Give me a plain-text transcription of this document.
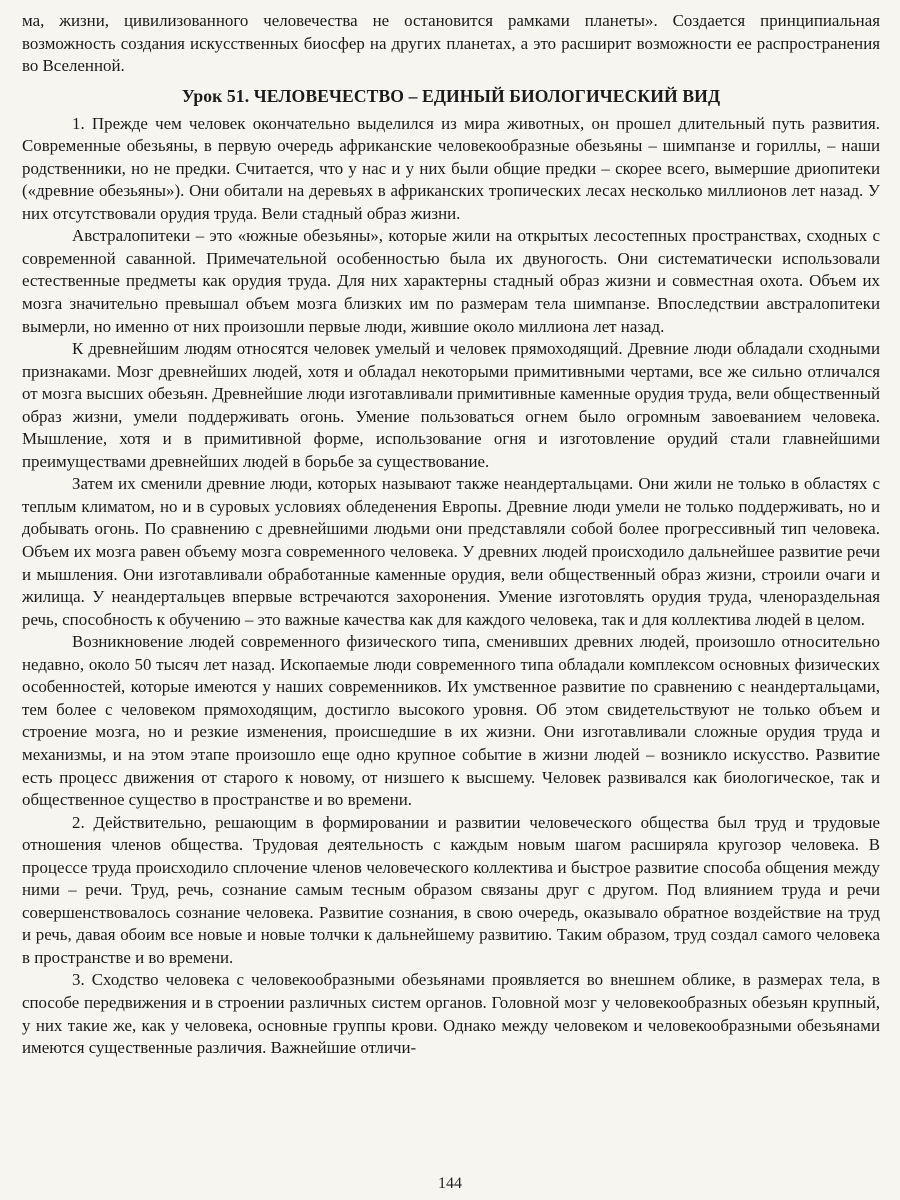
ма, жизни, цивилизованного человечества не остановится рамками планеты». Создается принципиальная возможность создания искусственных биосфер на других планетах, а это расширит возможности ее распространения во Вселенной.

Урок 51. ЧЕЛОВЕЧЕСТВО – ЕДИНЫЙ БИОЛОГИЧЕСКИЙ ВИД

1. Прежде чем человек окончательно выделился из мира животных, он прошел длительный путь развития. Современные обезьяны, в первую очередь африканские человекообразные обезьяны – шимпанзе и гориллы, – наши родственники, но не предки. Считается, что у нас и у них были общие предки – скорее всего, вымершие дриопитеки («древние обезьяны»). Они обитали на деревьях в африканских тропических лесах несколько миллионов лет назад. У них отсутствовали орудия труда. Вели стадный образ жизни.

Австралопитеки – это «южные обезьяны», которые жили на открытых лесостепных пространствах, сходных с современной саванной. Примечательной особенностью была их двуногость. Они систематически использовали естественные предметы как орудия труда. Для них характерны стадный образ жизни и совместная охота. Объем их мозга значительно превышал объем мозга близких им по размерам тела шимпанзе. Впоследствии австралопитеки вымерли, но именно от них произошли первые люди, жившие около миллиона лет назад.

К древнейшим людям относятся человек умелый и человек прямоходящий. Древние люди обладали сходными признаками. Мозг древнейших людей, хотя и обладал некоторыми примитивными чертами, все же сильно отличался от мозга высших обезьян. Древнейшие люди изготавливали примитивные каменные орудия труда, вели общественный образ жизни, умели поддерживать огонь. Умение пользоваться огнем было огромным завоеванием человека. Мышление, хотя и в примитивной форме, использование огня и изготовление орудий стали главнейшими преимуществами древнейших людей в борьбе за существование.

Затем их сменили древние люди, которых называют также неандертальцами. Они жили не только в областях с теплым климатом, но и в суровых условиях обледенения Европы. Древние люди умели не только поддерживать, но и добывать огонь. По сравнению с древнейшими людьми они представляли собой более прогрессивный тип человека. Объем их мозга равен объему мозга современного человека. У древних людей происходило дальнейшее развитие речи и мышления. Они изготавливали обработанные каменные орудия, вели общественный образ жизни, строили очаги и жилища. У неандертальцев впервые встречаются захоронения. Умение изготовлять орудия труда, членораздельная речь, способность к обучению – это важные качества как для каждого человека, так и для коллектива людей в целом.

Возникновение людей современного физического типа, сменивших древних людей, произошло относительно недавно, около 50 тысяч лет назад. Ископаемые люди современного типа обладали комплексом основных физических особенностей, которые имеются у наших современников. Их умственное развитие по сравнению с неандертальцами, тем более с человеком прямоходящим, достигло высокого уровня. Об этом свидетельствуют не только объем и строение мозга, но и резкие изменения, происшедшие в их жизни. Они изготавливали сложные орудия труда и механизмы, и на этом этапе произошло еще одно крупное событие в жизни людей – возникло искусство. Развитие есть процесс движения от старого к новому, от низшего к высшему. Человек развивался как биологическое, так и общественное существо в пространстве и во времени.

2. Действительно, решающим в формировании и развитии человеческого общества был труд и трудовые отношения членов общества. Трудовая деятельность с каждым новым шагом расширяла кругозор человека. В процессе труда происходило сплочение членов человеческого коллектива и быстрое развитие способа общения между ними – речи. Труд, речь, сознание самым тесным образом связаны друг с другом. Под влиянием труда и речи совершенствовалось сознание человека. Развитие сознания, в свою очередь, оказывало обратное воздействие на труд и речь, давая обоим все новые и новые толчки к дальнейшему развитию. Таким образом, труд создал самого человека в пространстве и во времени.

3. Сходство человека с человекообразными обезьянами проявляется во внешнем облике, в размерах тела, в способе передвижения и в строении различных систем органов. Головной мозг у человекообразных обезьян крупный, у них такие же, как у человека, основные группы крови. Однако между человеком и человекообразными обезьянами имеются существенные различия. Важнейшие отличи-

144
